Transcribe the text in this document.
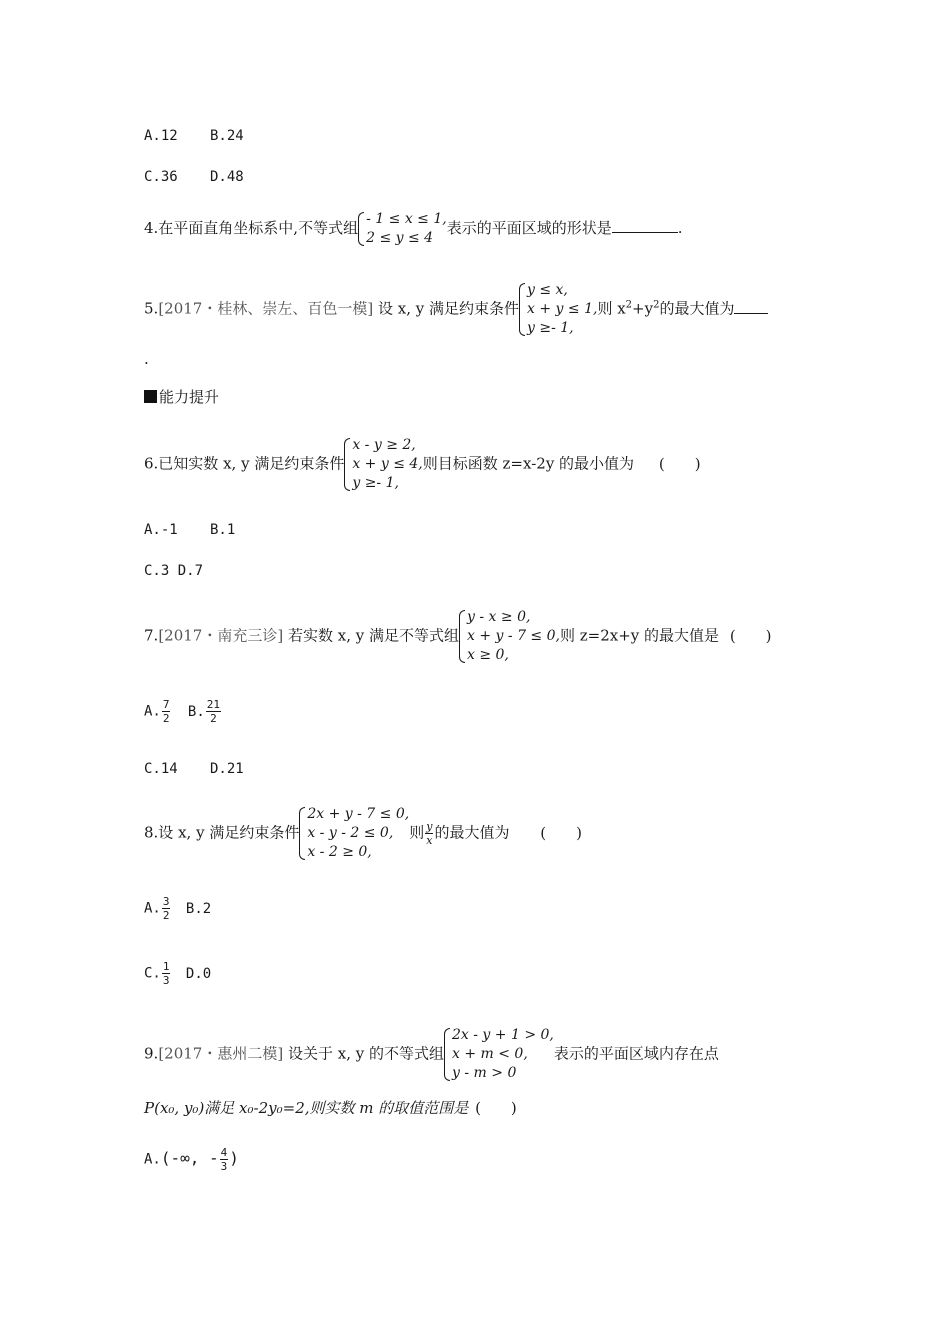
A.12 B.24
C.36 D.48
4.在平面直角坐标系中,不等式组 - 1 ≤ x ≤ 1,
2 ≤ y ≤ 4
表示的平面区域的形状是	.
5.[2017・桂林、崇左、百色一模] 设 x, y 满足约束条件
y ≤ x,
x + y ≤ 1,
y ≥- 1,
则 $x^2+y^2$的最大值为
.
能力提升
6.已知实数 x, y 满足约束条件
x - y ≥ 2,
x + y ≤ 4,
y ≥- 1,
则目标函数 z=x-2y 的最小值为 (　　)
A.-1 B.1
C.3 D.7
7.[2017・南充三诊] 若实数 x, y 满足不等式组
y - x ≥ 0,
x + y - 7 ≤ 0,
x ≥ 0,
则 z=2x+y 的最大值是 (　　)
A. $\frac{7}{2} B$. $\frac{21}{2}$
C.14 D.21
8.设 x, y 满足约束条件
2x + y - 7 ≤ 0,
x - y - 2 ≤ 0,
x - 2 ≥ 0,
则 $\frac{y}{x}$ 的最大值为 (　　)
A. $\frac{3}{2} B.2$
C. $\frac{1}{3} D.0$
9.[2017・惠州二模] 设关于 x, y 的不等式组
2x - y + 1 > 0,
x + m < 0,
y - m > 0
表示的平面区域内存在点
P(x₀, y₀)满足 x₀-2y₀=2,则实数 m 的取值范围是 (　　)
A.(-∞, - $\frac{4}{3}$ )
